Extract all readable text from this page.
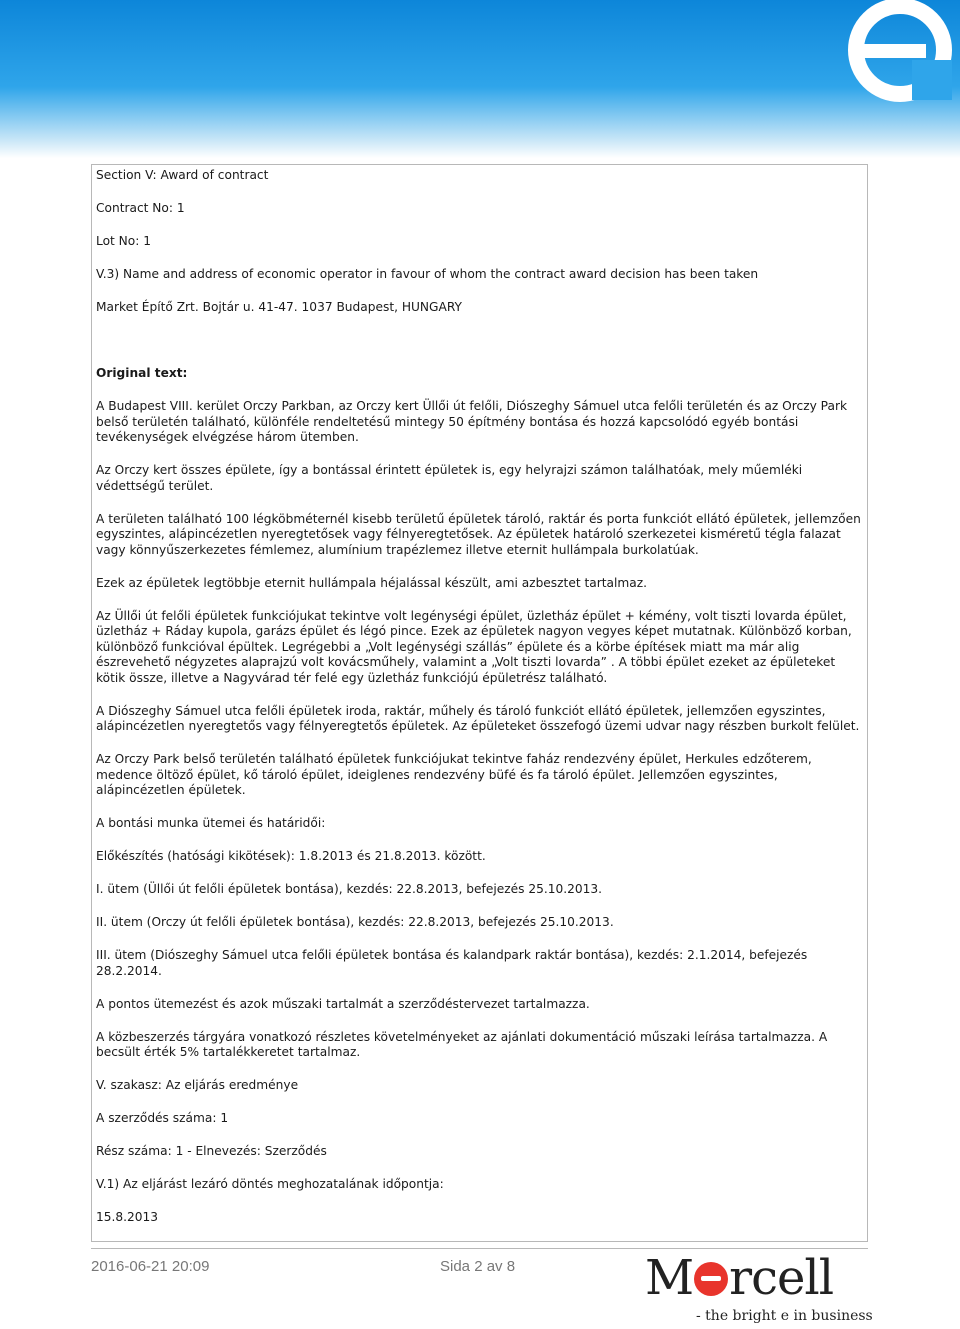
Section V: Award of contract

Contract No: 1

Lot No: 1

V.3) Name and address of economic operator in favour of whom the contract award decision has been taken

Market Építő Zrt. Bojtár u. 41-47. 1037 Budapest, HUNGARY

Original text:

A Budapest VIII. kerület Orczy Parkban, az Orczy kert Üllői út felőli, Diószeghy Sámuel utca felőli területén és az Orczy Park belső területén található, különféle rendeltetésű mintegy 50 építmény bontása és hozzá kapcsolódó egyéb bontási tevékenységek elvégzése három ütemben.

Az Orczy kert összes épülete, így a bontással érintett épületek is, egy helyrajzi számon találhatóak, mely műemléki védettségű terület.

A területen található 100 légköbméternél kisebb területű épületek tároló, raktár és porta funkciót ellátó épületek, jellemzően egyszintes, alápincézetlen nyeregtetősek vagy félnyeregtetősek. Az épületek határoló szerkezetei kisméretű tégla falazat vagy könnyűszerkezetes fémlemez, alumínium trapézlemez illetve eternit hullámpala burkolatúak.

Ezek az épületek legtöbbje eternit hullámpala héjalással készült, ami azbesztet tartalmaz.

Az Üllői út felőli épületek funkciójukat tekintve volt legénységi épület, üzletház épület + kémény, volt tiszti lovarda épület, üzletház + Ráday kupola, garázs épület és légó pince. Ezek az épületek nagyon vegyes képet mutatnak. Különböző korban, különböző funkcióval épültek. Legrégebbi a „Volt legénységi szállás” épülete és a körbe építések miatt ma már alig észrevehető négyzetes alaprajzú volt kovácsműhely, valamint a „Volt tiszti lovarda” . A többi épület ezeket az épületeket kötik össze, illetve a Nagyvárad tér felé egy üzletház funkciójú épületrész található.

A Diószeghy Sámuel utca felőli épületek iroda, raktár, műhely és tároló funkciót ellátó épületek, jellemzően egyszintes, alápincézetlen nyeregtetős vagy félnyeregtetős épületek. Az épületeket összefogó üzemi udvar nagy részben burkolt felület.

Az Orczy Park belső területén található épületek funkciójukat tekintve faház rendezvény épület, Herkules edzőterem, medence öltöző épület, kő tároló épület, ideiglenes rendezvény büfé és fa tároló épület. Jellemzően egyszintes, alápincézetlen épületek.

A bontási munka ütemei és határidői:

Előkészítés (hatósági kikötések): 1.8.2013 és 21.8.2013. között.

I. ütem (Üllői út felőli épületek bontása), kezdés: 22.8.2013, befejezés 25.10.2013.

II. ütem (Orczy út felőli épületek bontása), kezdés: 22.8.2013, befejezés 25.10.2013.

III. ütem (Diószeghy Sámuel utca felőli épületek bontása és kalandpark raktár bontása), kezdés: 2.1.2014, befejezés 28.2.2014.

A pontos ütemezést és azok műszaki tartalmát a szerződéstervezet tartalmazza.

A közbeszerzés tárgyára vonatkozó részletes követelményeket az ajánlati dokumentáció műszaki leírása tartalmazza. A becsült érték 5% tartalékkeretet tartalmaz.

V. szakasz: Az eljárás eredménye

A szerződés száma: 1

Rész száma: 1 - Elnevezés: Szerződés

V.1) Az eljárást lezáró döntés meghozatalának időpontja:

15.8.2013

2016-06-21 20:09	Sida 2 av 8	M rcell
- the bright e in business
